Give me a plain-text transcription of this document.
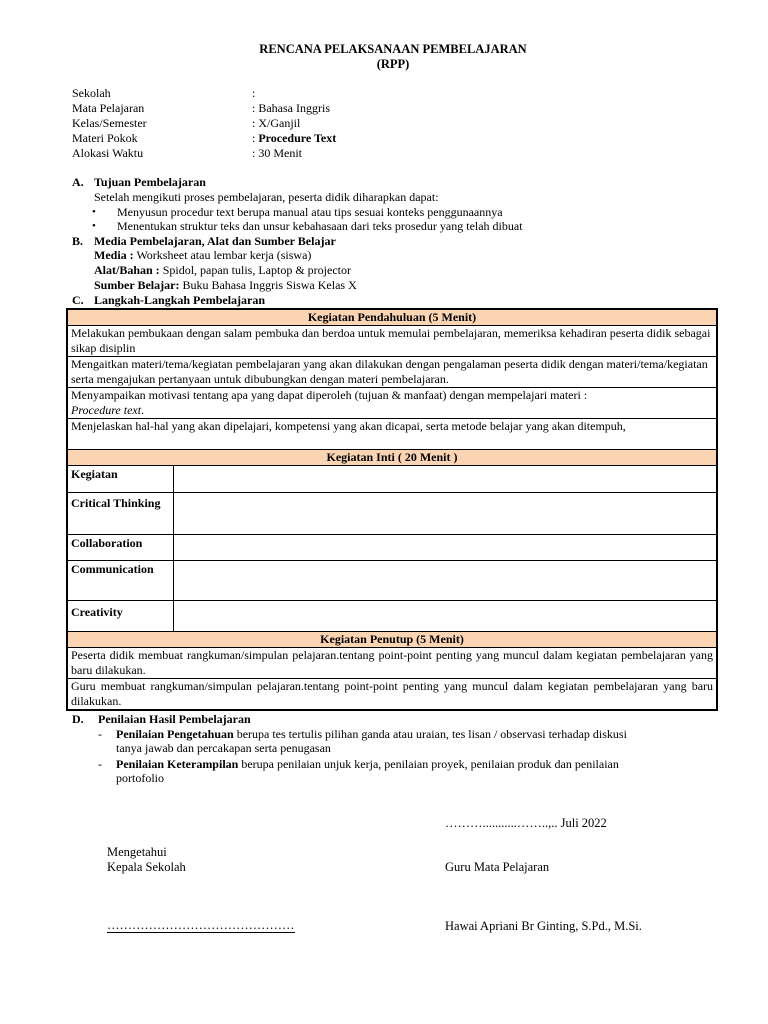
RENCANA PELAKSANAAN PEMBELAJARAN
(RPP)
Sekolah	:
Mata Pelajaran	: Bahasa Inggris
Kelas/Semester	: X/Ganjil
Materi Pokok	: Procedure Text
Alokasi Waktu	: 30 Menit
A. Tujuan Pembelajaran
Setelah mengikuti proses pembelajaran, peserta didik diharapkan dapat:
• Menyusun procedur text berupa manual atau tips sesuai konteks penggunaannya
• Menentukan struktur teks dan unsur kebahasaan dari teks prosedur yang telah dibuat
B. Media Pembelajaran, Alat dan Sumber Belajar
Media : Worksheet atau lembar kerja (siswa)
Alat/Bahan : Spidol, papan tulis, Laptop & projector
Sumber Belajar: Buku Bahasa Inggris Siswa Kelas X
C. Langkah-Langkah Pembelajaran
Kegiatan Pendahuluan (5 Menit)	
Melakukan pembukaan dengan salam pembuka dan berdoa untuk memulai pembelajaran, memeriksa kehadiran peserta didik sebagai sikap disiplin	
Mengaitkan materi/tema/kegiatan pembelajaran yang akan dilakukan dengan pengalaman peserta didik dengan materi/tema/kegiatan serta mengajukan pertanyaan untuk dibubungkan dengan materi pembelajaran.	
Menyampaikan motivasi tentang apa yang dapat diperoleh (tujuan & manfaat) dengan mempelajari materi :
Procedure text.	
Menjelaskan hal-hal yang akan dipelajari, kompetensi yang akan dicapai, serta metode belajar yang akan ditempuh,	
Kegiatan Inti ( 20 Menit )	
Kegiatan	
Critical Thinking	
Collaboration	
Communication	
Creativity	
Kegiatan Penutup (5 Menit)	
Peserta didik membuat rangkuman/simpulan pelajaran.tentang point-point penting yang muncul dalam kegiatan pembelajaran yang baru dilakukan.	
Guru membuat rangkuman/simpulan pelajaran.tentang point-point penting yang muncul dalam kegiatan pembelajaran yang baru dilakukan.	
D. Penilaian Hasil Pembelajaran
- Penilaian Pengetahuan berupa tes tertulis pilihan ganda atau uraian, tes lisan / observasi terhadap diskusi
tanya jawab dan percakapan serta penugasan
- Penilaian Keterampilan berupa penilaian unjuk kerja, penilaian proyek, penilaian produk dan penilaian
portofolio
………...........……..,.. Juli 2022
Mengetahui
Kepala Sekolah	Guru Mata Pelajaran
………………………………………	Hawai Apriani Br Ginting, S.Pd., M.Si.
